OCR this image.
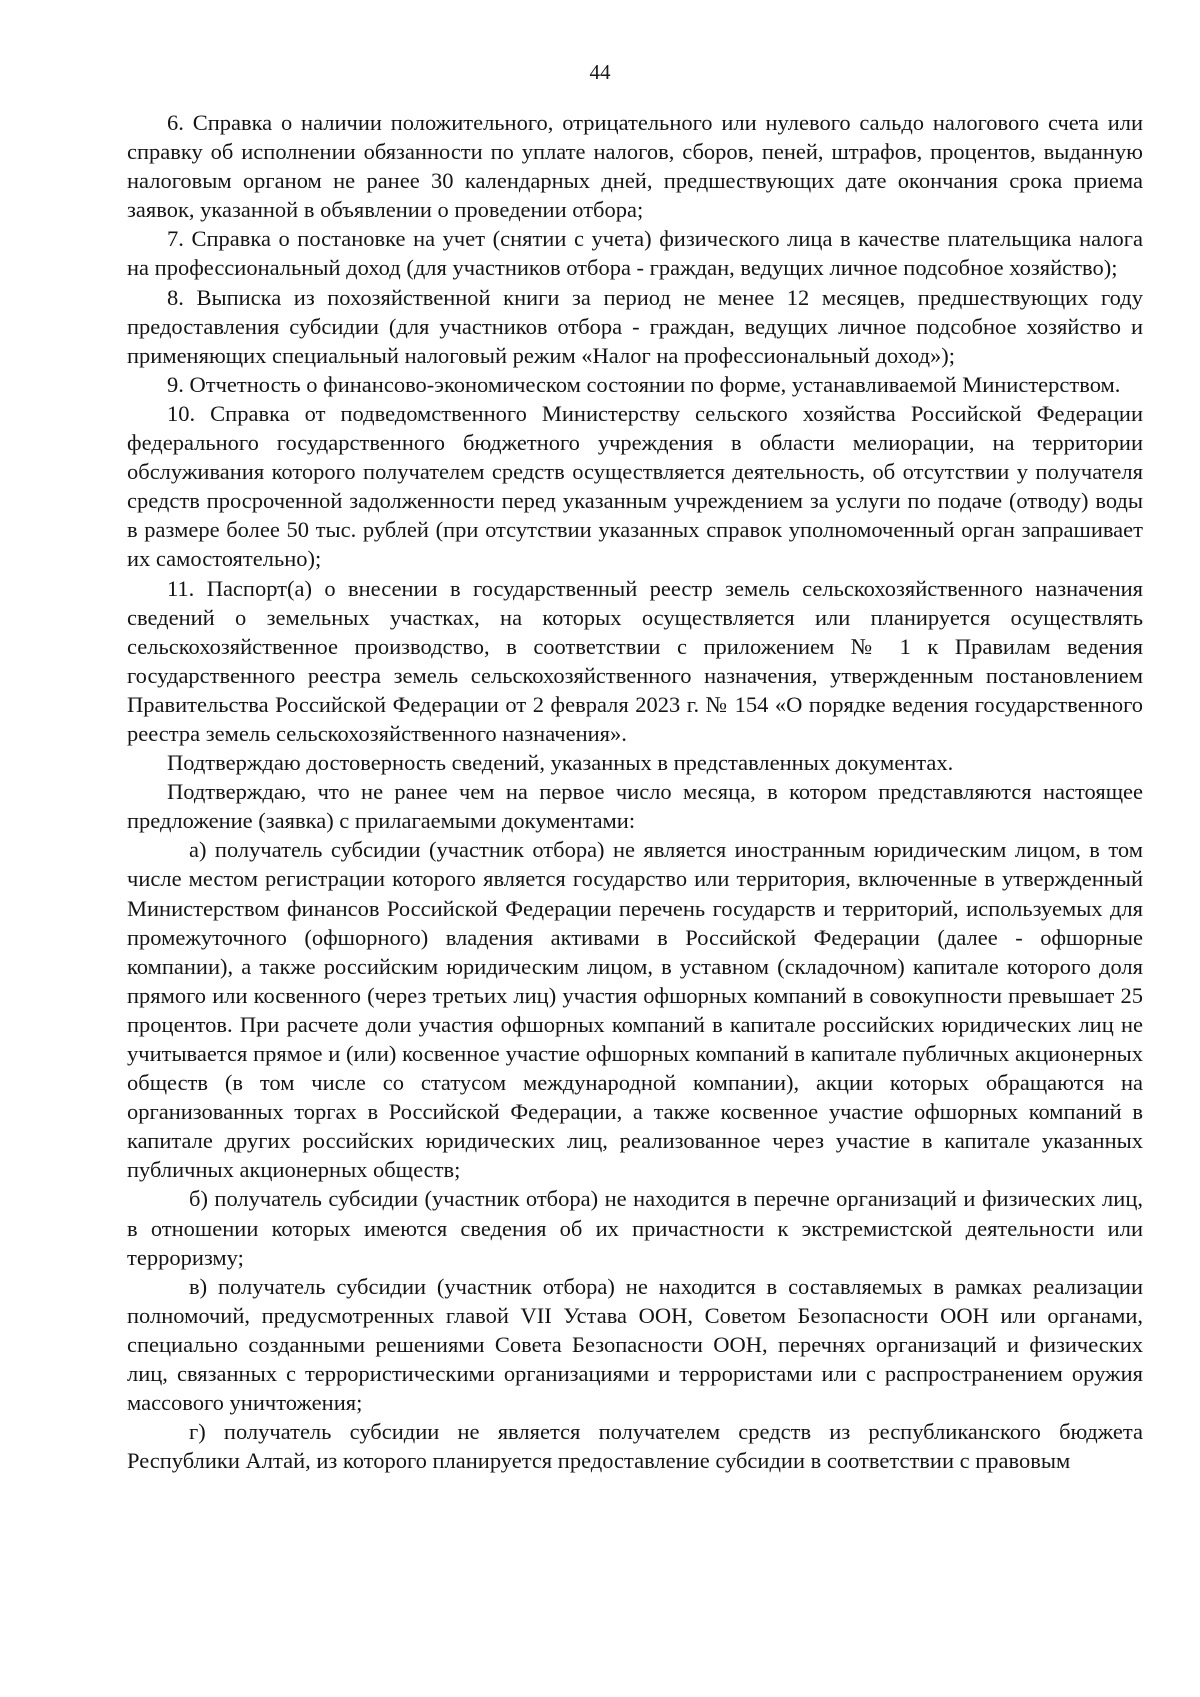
44

6. Справка о наличии положительного, отрицательного или нулевого сальдо налогового счета или справку об исполнении обязанности по уплате налогов, сборов, пеней, штрафов, процентов, выданную налоговым органом не ранее 30 календарных дней, предшествующих дате окончания срока приема заявок, указанной в объявлении о проведении отбора;

7. Справка о постановке на учет (снятии с учета) физического лица в качестве плательщика налога на профессиональный доход (для участников отбора - граждан, ведущих личное подсобное хозяйство);

8. Выписка из похозяйственной книги за период не менее 12 месяцев, предшествующих году предоставления субсидии (для участников отбора - граждан, ведущих личное подсобное хозяйство и применяющих специальный налоговый режим «Налог на профессиональный доход»);

9. Отчетность о финансово-экономическом состоянии по форме, устанавливаемой Министерством.

10. Справка от подведомственного Министерству сельского хозяйства Российской Федерации федерального государственного бюджетного учреждения в области мелиорации, на территории обслуживания которого получателем средств осуществляется деятельность, об отсутствии у получателя средств просроченной задолженности перед указанным учреждением за услуги по подаче (отводу) воды в размере более 50 тыс. рублей (при отсутствии указанных справок уполномоченный орган запрашивает их самостоятельно);

11. Паспорт(а) о внесении в государственный реестр земель сельскохозяйственного назначения сведений о земельных участках, на которых осуществляется или планируется осуществлять сельскохозяйственное производство, в соответствии с приложением № 1 к Правилам ведения государственного реестра земель сельскохозяйственного назначения, утвержденным постановлением Правительства Российской Федерации от 2 февраля 2023 г. № 154 «О порядке ведения государственного реестра земель сельскохозяйственного назначения».

Подтверждаю достоверность сведений, указанных в представленных документах.

Подтверждаю, что не ранее чем на первое число месяца, в котором представляются настоящее предложение (заявка) с прилагаемыми документами:

а) получатель субсидии (участник отбора) не является иностранным юридическим лицом, в том числе местом регистрации которого является государство или территория, включенные в утвержденный Министерством финансов Российской Федерации перечень государств и территорий, используемых для промежуточного (офшорного) владения активами в Российской Федерации (далее - офшорные компании), а также российским юридическим лицом, в уставном (складочном) капитале которого доля прямого или косвенного (через третьих лиц) участия офшорных компаний в совокупности превышает 25 процентов. При расчете доли участия офшорных компаний в капитале российских юридических лиц не учитывается прямое и (или) косвенное участие офшорных компаний в капитале публичных акционерных обществ (в том числе со статусом международной компании), акции которых обращаются на организованных торгах в Российской Федерации, а также косвенное участие офшорных компаний в капитале других российских юридических лиц, реализованное через участие в капитале указанных публичных акционерных обществ;

б) получатель субсидии (участник отбора) не находится в перечне организаций и физических лиц, в отношении которых имеются сведения об их причастности к экстремистской деятельности или терроризму;

в) получатель субсидии (участник отбора) не находится в составляемых в рамках реализации полномочий, предусмотренных главой VII Устава ООН, Советом Безопасности ООН или органами, специально созданными решениями Совета Безопасности ООН, перечнях организаций и физических лиц, связанных с террористическими организациями и террористами или с распространением оружия массового уничтожения;

г) получатель субсидии не является получателем средств из республиканского бюджета Республики Алтай, из которого планируется предоставление субсидии в соответствии с правовым
